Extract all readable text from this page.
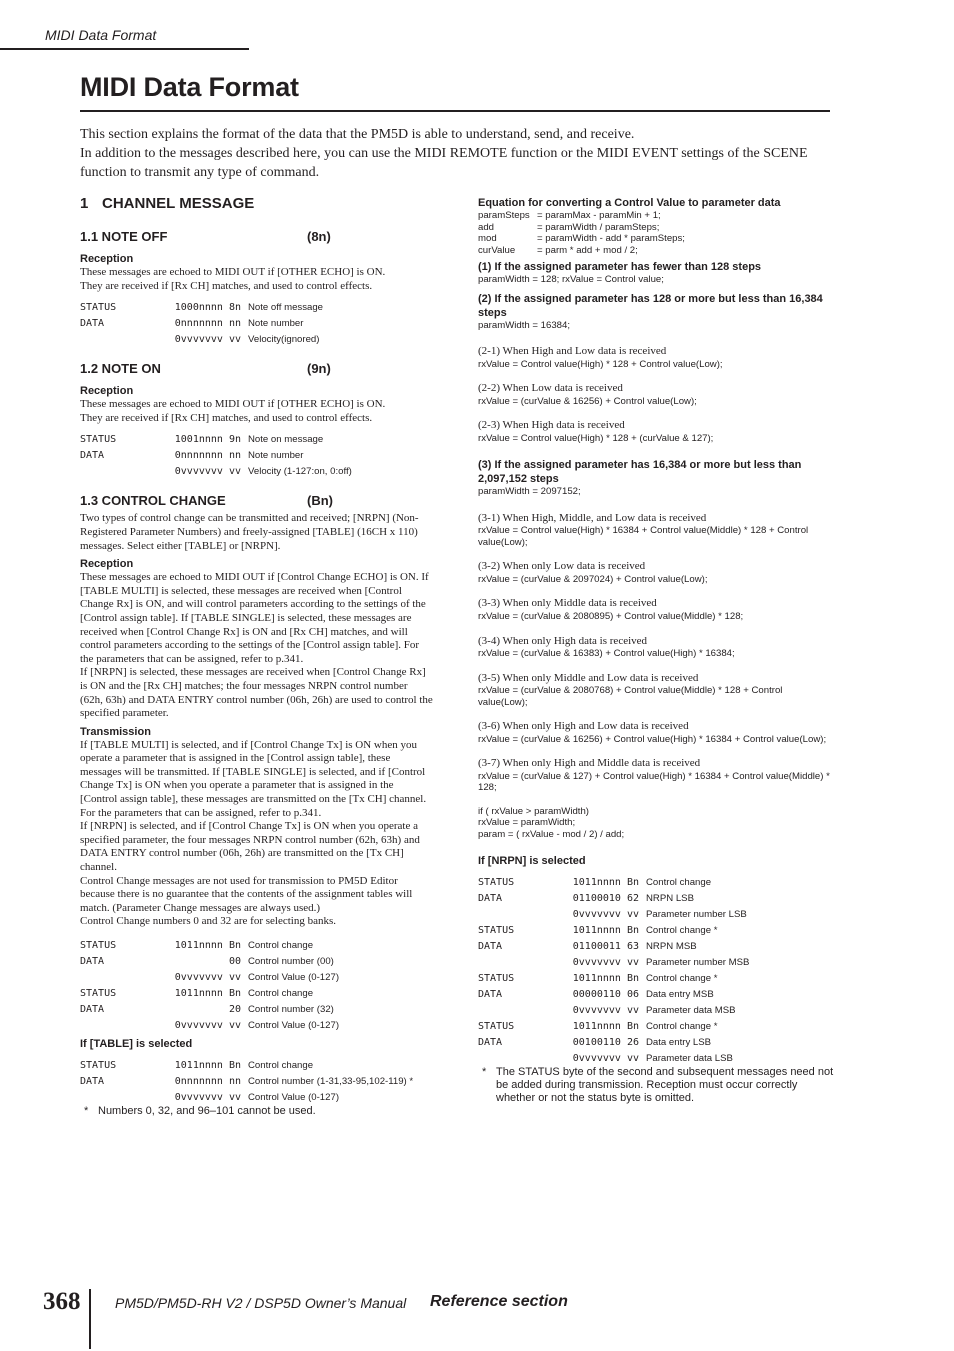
MIDI Data Format
MIDI Data Format

This section explains the format of the data that the PM5D is able to understand, send, and receive.

In addition to the messages described here, you can use the MIDI REMOTE function or the MIDI EVENT settings of the SCENE function to transmit any type of command.

1 CHANNEL MESSAGE
1.1 NOTE OFF	(8n)
Reception

These messages are echoed to MIDI OUT if [OTHER ECHO] is ON.

They are received if [Rx CH] matches, and used to control effects.

STATUS	1000nnnn 8n	Note off message
DATA	0nnnnnnn nn	Note number
	0vvvvvvv vv	Velocity(ignored)
1.2 NOTE ON	(9n)
Reception

These messages are echoed to MIDI OUT if [OTHER ECHO] is ON.

They are received if [Rx CH] matches, and used to control effects.

STATUS	1001nnnn 9n	Note on message
DATA	0nnnnnnn nn	Note number
	0vvvvvvv vv	Velocity (1-127:on, 0:off)
1.3 CONTROL CHANGE	(Bn)
Two types of control change can be transmitted and received; [NRPN] (Non-Registered Parameter Numbers) and freely-assigned [TABLE] (16CH x 110) messages. Select either [TABLE] or [NRPN].
Reception

These messages are echoed to MIDI OUT if [Control Change ECHO] is ON. If [TABLE MULTI] is selected, these messages are received when [Control Change Rx] is ON, and will control parameters according to the settings of the [Control assign table]. If [TABLE SINGLE] is selected, these messages are received when [Control Change Rx] is ON and [Rx CH] matches, and will control parameters according to the settings of the [Control assign table]. For the parameters that can be assigned, refer to p.341.

If [NRPN] is selected, these messages are received when [Control Change Rx] is ON and the [Rx CH] matches; the four messages NRPN control number (62h, 63h) and DATA ENTRY control number (06h, 26h) are used to control the specified parameter.

Transmission

If [TABLE MULTI] is selected, and if [Control Change Tx] is ON when you operate a parameter that is assigned in the [Control assign table], these messages will be transmitted. If [TABLE SINGLE] is selected, and if [Control Change Tx] is ON when you operate a parameter that is assigned in the [Control assign table], these messages are transmitted on the [Tx CH] channel. For the parameters that can be assigned, refer to p.341.

If [NRPN] is selected, and if [Control Change Tx] is ON when you operate a specified parameter, the four messages NRPN control number (62h, 63h) and DATA ENTRY control number (06h, 26h) are transmitted on the [Tx CH] channel.

Control Change messages are not used for transmission to PM5D Editor because there is no guarantee that the contents of the assignment tables will match. (Parameter Change messages are always used.)

Control Change numbers 0 and 32 are for selecting banks.

STATUS	1011nnnn Bn	Control change
DATA	00	Control number (00)
	0vvvvvvv vv	Control Value (0-127)
STATUS	1011nnnn Bn	Control change
DATA	20	Control number (32)
	0vvvvvvv vv	Control Value (0-127)
If [TABLE] is selected
STATUS	1011nnnn Bn	Control change
DATA	0nnnnnnn nn	Control number (1-31,33-95,102-119) *
	0vvvvvvv vv	Control Value (0-127)
* Numbers 0, 32, and 96–101 cannot be used.
Equation for converting a Control Value to parameter data
paramSteps = paramMax - paramMin + 1;
add	= paramWidth / paramSteps;
mod	= paramWidth - add * paramSteps;
curValue	= parm * add + mod / 2;
(1) If the assigned parameter has fewer than 128 steps
paramWidth = 128; rxValue = Control value;
(2) If the assigned parameter has 128 or more but less than 16,384 steps
paramWidth = 16384;
(2-1) When High and Low data is received
rxValue = Control value(High) * 128 + Control value(Low);
(2-2) When Low data is received
rxValue = (curValue & 16256) + Control value(Low);
(2-3) When High data is received
rxValue = Control value(High) * 128 + (curValue & 127);
(3) If the assigned parameter has 16,384 or more but less than 2,097,152 steps
paramWidth = 2097152;
(3-1) When High, Middle, and Low data is received
rxValue = Control value(High) * 16384 + Control value(Middle) * 128 + Control value(Low);
(3-2) When only Low data is received
rxValue = (curValue & 2097024) + Control value(Low);
(3-3) When only Middle data is received
rxValue = (curValue & 2080895) + Control value(Middle) * 128;
(3-4) When only High data is received
rxValue = (curValue & 16383) + Control value(High) * 16384;
(3-5) When only Middle and Low data is received
rxValue = (curValue & 2080768) + Control value(Middle) * 128 + Control value(Low);
(3-6) When only High and Low data is received
rxValue = (curValue & 16256) + Control value(High) * 16384 + Control value(Low);
(3-7) When only High and Middle data is received
rxValue = (curValue & 127) + Control value(High) * 16384 + Control value(Middle) * 128;
if ( rxValue > paramWidth)
rxValue = paramWidth;
param = ( rxValue - mod / 2) / add;
If [NRPN] is selected
STATUS	1011nnnn Bn	Control change
DATA	01100010 62	NRPN LSB
	0vvvvvvv vv	Parameter number LSB
STATUS	1011nnnn Bn	Control change *
DATA	01100011 63	NRPN MSB
	0vvvvvvv vv	Parameter number MSB
STATUS	1011nnnn Bn	Control change *
DATA	00000110 06	Data entry MSB
	0vvvvvvv vv	Parameter data MSB
STATUS	1011nnnn Bn	Control change *
DATA	00100110 26	Data entry LSB
	0vvvvvvv vv	Parameter data LSB
* The STATUS byte of the second and subsequent messages need not be added during transmission. Reception must occur correctly whether or not the status byte is omitted.
368 PM5D/PM5D-RH V2 / DSP5D Owner’s Manual Reference section
